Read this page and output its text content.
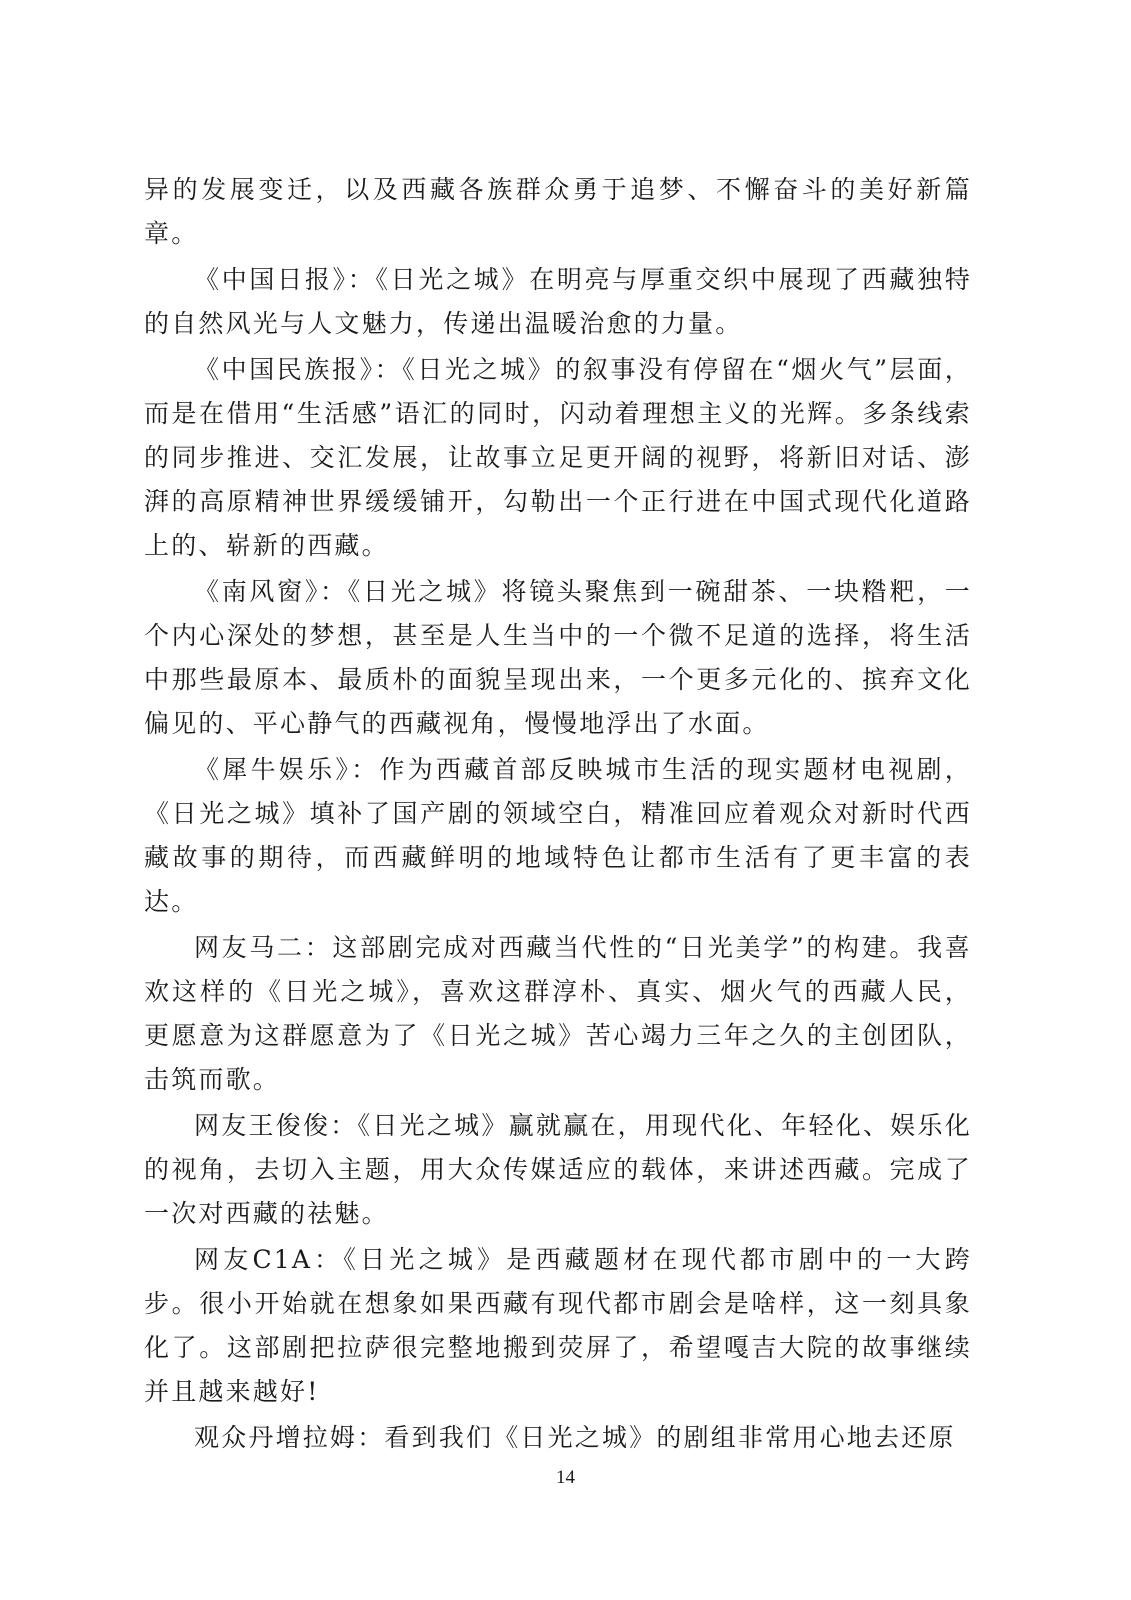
异的发展变迁，以及西藏各族群众勇于追梦、不懈奋斗的美好新篇章。

《中国日报》：《日光之城》在明亮与厚重交织中展现了西藏独特的自然风光与人文魅力，传递出温暖治愈的力量。

《中国民族报》：《日光之城》的叙事没有停留在“烟火气”层面，而是在借用“生活感”语汇的同时，闪动着理想主义的光辉。多条线索的同步推进、交汇发展，让故事立足更开阔的视野，将新旧对话、澎湃的高原精神世界缓缓铺开，勾勒出一个正行进在中国式现代化道路上的、崭新的西藏。

《南风窗》：《日光之城》将镜头聚焦到一碗甜茶、一块糌粑，一个内心深处的梦想，甚至是人生当中的一个微不足道的选择，将生活中那些最原本、最质朴的面貌呈现出来，一个更多元化的、摈弃文化偏见的、平心静气的西藏视角，慢慢地浮出了水面。

《犀牛娱乐》：作为西藏首部反映城市生活的现实题材电视剧，《日光之城》填补了国产剧的领域空白，精准回应着观众对新时代西藏故事的期待，而西藏鲜明的地域特色让都市生活有了更丰富的表达。

网友马二：这部剧完成对西藏当代性的“日光美学”的构建。我喜欢这样的《日光之城》，喜欢这群淳朴、真实、烟火气的西藏人民，更愿意为这群愿意为了《日光之城》苦心竭力三年之久的主创团队，击筑而歌。

网友王俊俊：《日光之城》赢就赢在，用现代化、年轻化、娱乐化的视角，去切入主题，用大众传媒适应的载体，来讲述西藏。完成了一次对西藏的祛魅。

网友C1A：《日光之城》是西藏题材在现代都市剧中的一大跨步。很小开始就在想象如果西藏有现代都市剧会是啥样，这一刻具象化了。这部剧把拉萨很完整地搬到荧屏了，希望嘎吉大院的故事继续并且越来越好!

观众丹增拉姆：看到我们《日光之城》的剧组非常用心地去还原

14
